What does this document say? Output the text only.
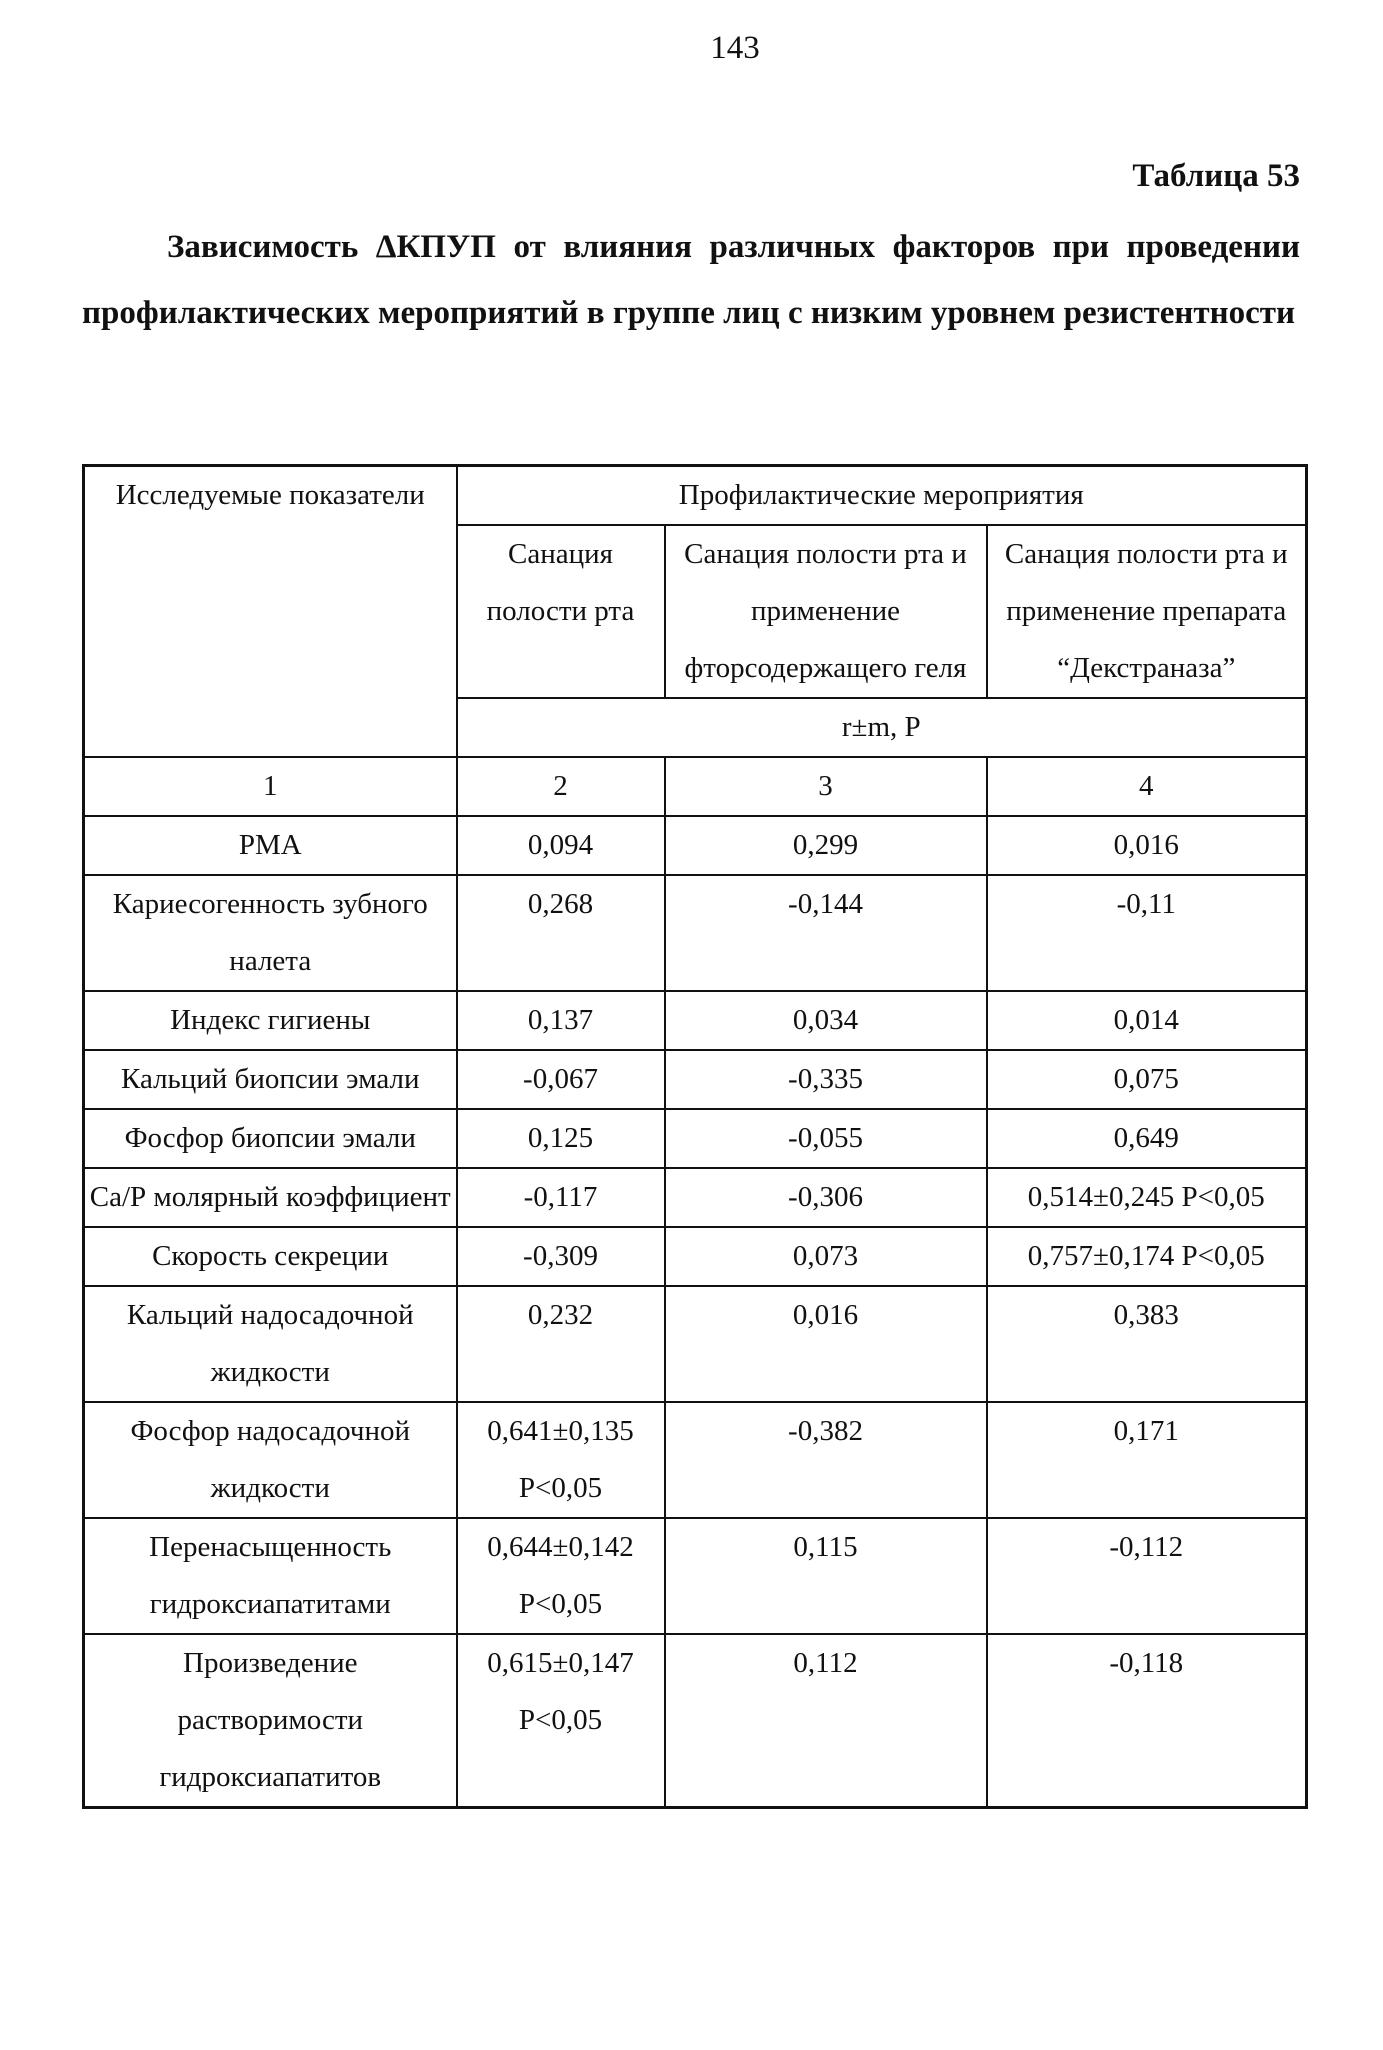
143
Таблица 53
Зависимость ΔКПУП от влияния различных факторов при проведении профилактических мероприятий в группе лиц с низким уровнем резистентности
Исследуемые показатели	Профилактические мероприятия		
	Санация полости рта	Санация полости рта и применение фторсодержащего геля	Санация полости рта и применение препарата “Декстраназа”
	r±m, P		
1	2	3	4
РМА	0,094	0,299	0,016
Кариесогенность зубного налета	0,268	-0,144	-0,11
Индекс гигиены	0,137	0,034	0,014
Кальций биопсии эмали	-0,067	-0,335	0,075
Фосфор биопсии эмали	0,125	-0,055	0,649
Са/Р молярный коэффициент	-0,117	-0,306	0,514±0,245 Р<0,05
Скорость секреции	-0,309	0,073	0,757±0,174 Р<0,05
Кальций надосадочной жидкости	0,232	0,016	0,383
Фосфор надосадочной жидкости	0,641±0,135 Р<0,05	-0,382	0,171
Перенасыщенность гидроксиапатитами	0,644±0,142 Р<0,05	0,115	-0,112
Произведение растворимости гидроксиапатитов	0,615±0,147 Р<0,05	0,112	-0,118
